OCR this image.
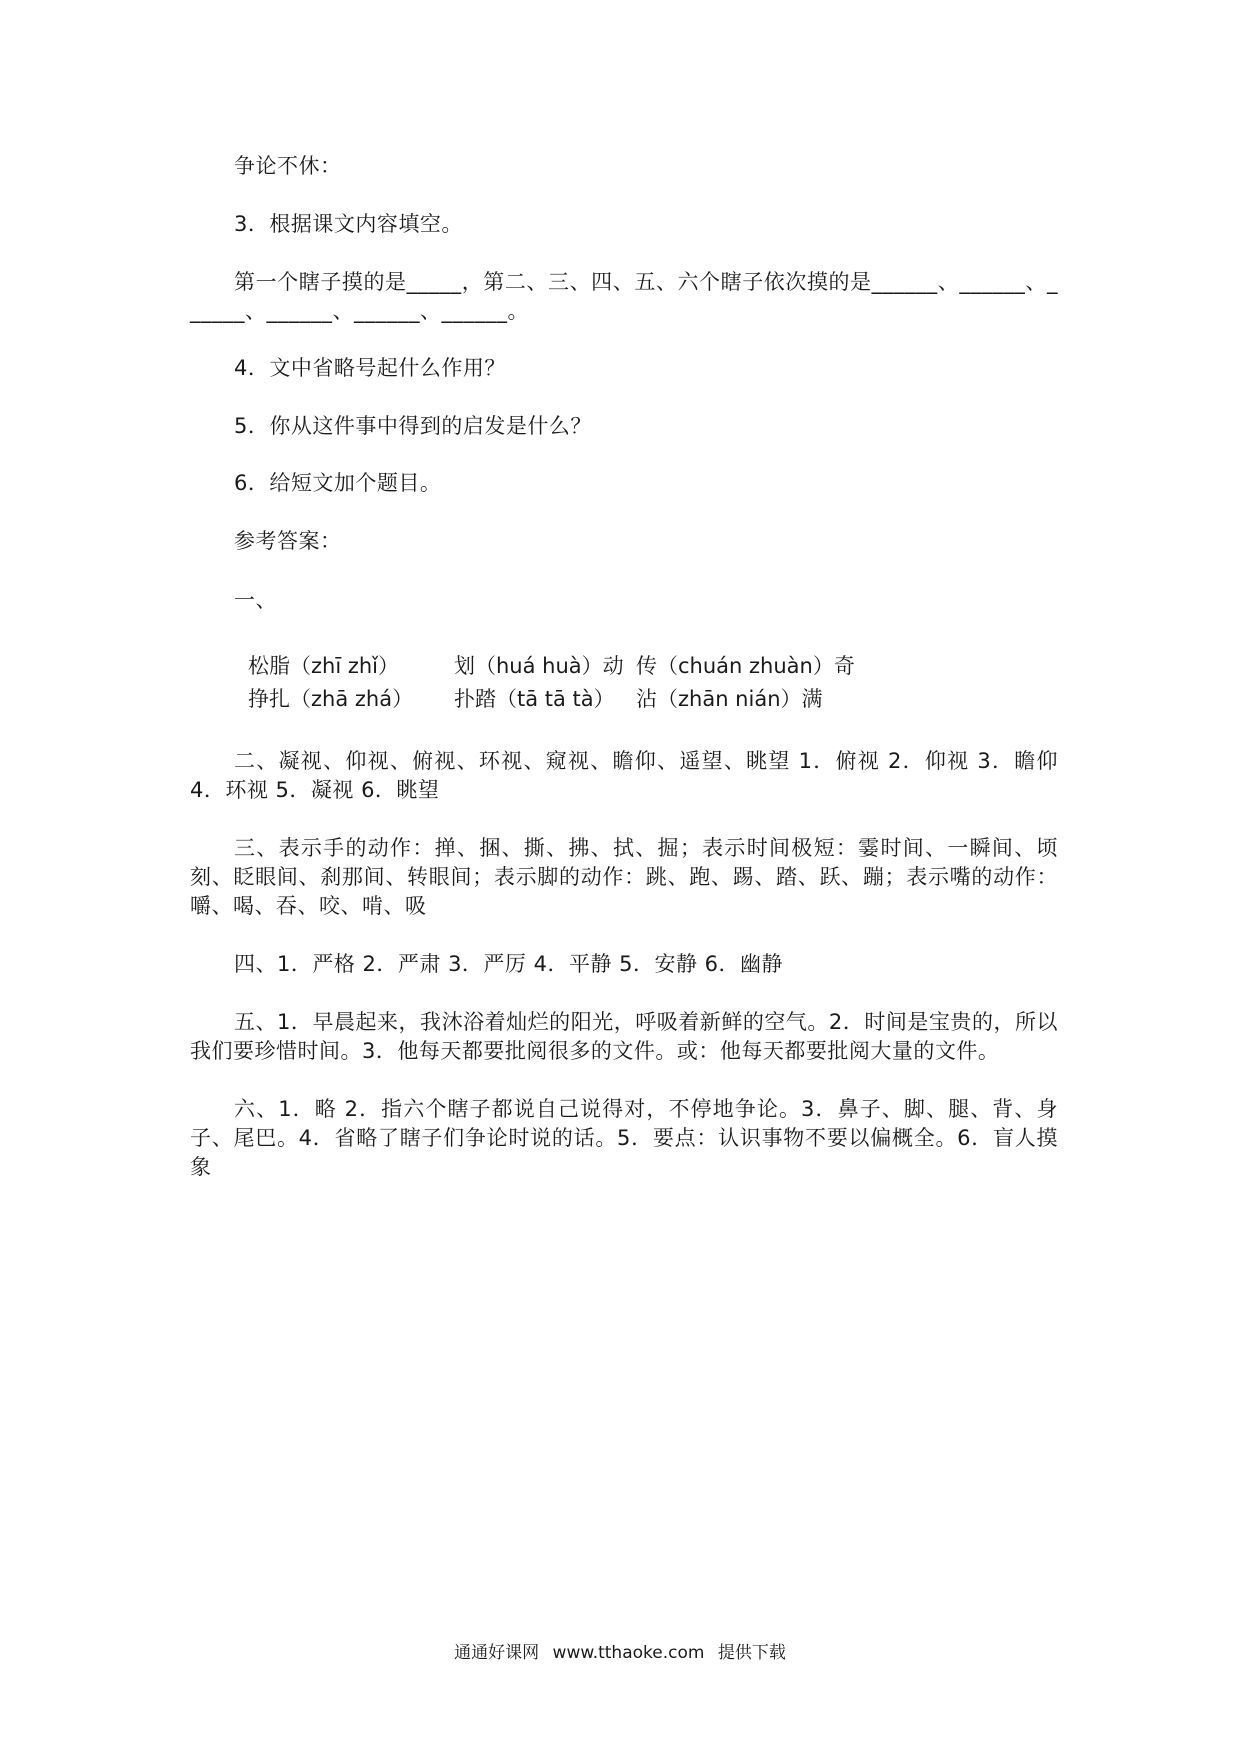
争论不休：
3．根据课文内容填空。
第一个瞎子摸的是_____，第二、三、四、五、六个瞎子依次摸的是______、______、______、______、______、______。
4．文中省略号起什么作用？
5．你从这件事中得到的启发是什么？
6．给短文加个题目。
参考答案：
一、
松脂（zhī zhǐ）	划（huá huà）动 传（chuán zhuàn）奇
挣扎（zhā zhá）	扑踏（tā tā tà）	沾（zhān nián）满
二、凝视、仰视、俯视、环视、窥视、瞻仰、遥望、眺望 1．俯视 2．仰视 3．瞻仰 4．环视 5．凝视 6．眺望
三、表示手的动作：掸、捆、撕、拂、拭、掘；表示时间极短：霎时间、一瞬间、顷刻、眨眼间、刹那间、转眼间；表示脚的动作：跳、跑、踢、踏、跃、蹦；表示嘴的动作：嚼、喝、吞、咬、啃、吸
四、1．严格 2．严肃 3．严厉 4．平静 5．安静 6．幽静
五、1．早晨起来，我沐浴着灿烂的阳光，呼吸着新鲜的空气。2．时间是宝贵的，所以我们要珍惜时间。3．他每天都要批阅很多的文件。或：他每天都要批阅大量的文件。
六、1．略 2．指六个瞎子都说自己说得对，不停地争论。3．鼻子、脚、腿、背、身子、尾巴。4．省略了瞎子们争论时说的话。5．要点：认识事物不要以偏概全。6．盲人摸象
通通好课网 www.tthaoke.com 提供下载
